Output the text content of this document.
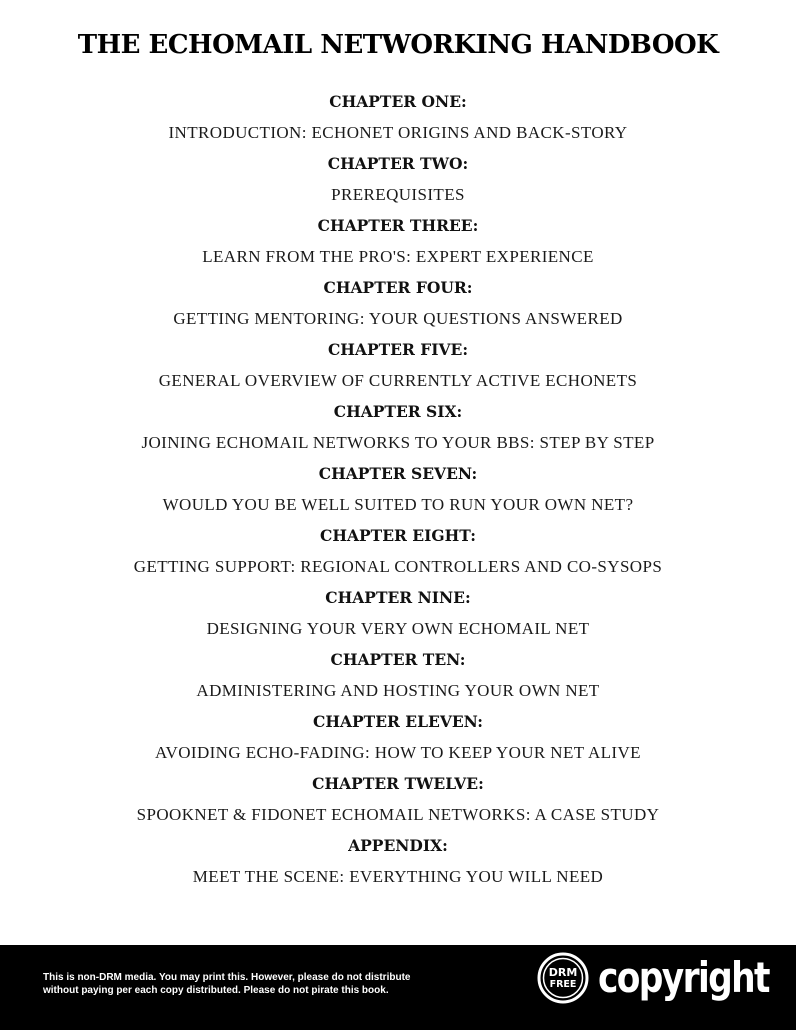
THE ECHOMAIL NETWORKING HANDBOOK
CHAPTER ONE:
INTRODUCTION: ECHONET ORIGINS AND BACK-STORY
CHAPTER TWO:
PREREQUISITES
CHAPTER THREE:
LEARN FROM THE PRO'S: EXPERT EXPERIENCE
CHAPTER FOUR:
GETTING MENTORING: YOUR QUESTIONS ANSWERED
CHAPTER FIVE:
GENERAL OVERVIEW OF CURRENTLY ACTIVE ECHONETS
CHAPTER SIX:
JOINING ECHOMAIL NETWORKS TO YOUR BBS: STEP BY STEP
CHAPTER SEVEN:
WOULD YOU BE WELL SUITED TO RUN YOUR OWN NET?
CHAPTER EIGHT:
GETTING SUPPORT: REGIONAL CONTROLLERS AND CO-SYSOPS
CHAPTER NINE:
DESIGNING YOUR VERY OWN ECHOMAIL NET
CHAPTER TEN:
ADMINISTERING AND HOSTING YOUR OWN NET
CHAPTER ELEVEN:
AVOIDING ECHO-FADING: HOW TO KEEP YOUR NET ALIVE
CHAPTER TWELVE:
SPOOKNET & FIDONET ECHOMAIL NETWORKS: A CASE STUDY
APPENDIX:
MEET THE SCENE: EVERYTHING YOU WILL NEED
This is non-DRM media. You may print this. However, please do not distribute
without paying per each copy distributed. Please do not pirate this book.
DRM
FREE copyright
